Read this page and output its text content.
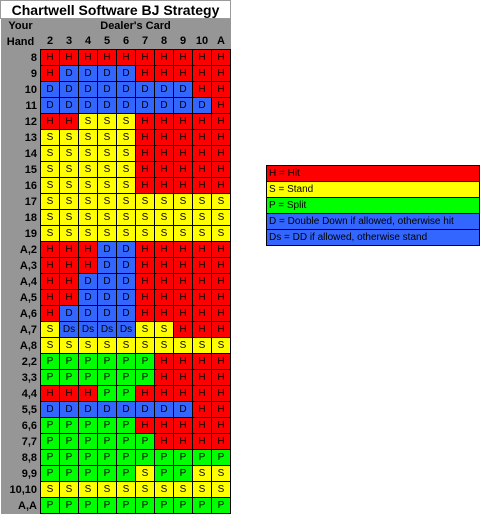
Chartwell Software BJ Strategy										
Your	Dealer's Card									
Hand	2	3	4	5	6	7	8	9	10	A
8	H	H	H	H	H	H	H	H	H	H
9	H	D	D	D	D	H	H	H	H	H
10	D	D	D	D	D	D	D	D	H	H
11	D	D	D	D	D	D	D	D	D	H
12	H	H	S	S	S	H	H	H	H	H
13	S	S	S	S	S	H	H	H	H	H
14	S	S	S	S	S	H	H	H	H	H
15	S	S	S	S	S	H	H	H	H	H
16	S	S	S	S	S	H	H	H	H	H
17	S	S	S	S	S	S	S	S	S	S
18	S	S	S	S	S	S	S	S	S	S
19	S	S	S	S	S	S	S	S	S	S
A,2	H	H	H	D	D	H	H	H	H	H
A,3	H	H	H	D	D	H	H	H	H	H
A,4	H	H	D	D	D	H	H	H	H	H
A,5	H	H	D	D	D	H	H	H	H	H
A,6	H	D	D	D	D	H	H	H	H	H
A,7	S	Ds	Ds	Ds	Ds	S	S	H	H	H
A,8	S	S	S	S	S	S	S	S	S	S
2,2	P	P	P	P	P	P	H	H	H	H
3,3	P	P	P	P	P	P	H	H	H	H
4,4	H	H	H	P	P	H	H	H	H	H
5,5	D	D	D	D	D	D	D	D	H	H
6,6	P	P	P	P	P	H	H	H	H	H
7,7	P	P	P	P	P	P	H	H	H	H
8,8	P	P	P	P	P	P	P	P	P	P
9,9	P	P	P	P	P	S	P	P	S	S
10,10	S	S	S	S	S	S	S	S	S	S
A,A	P	P	P	P	P	P	P	P	P	P
H = Hit
S = Stand
P = Split
D = Double Down if allowed, otherwise hit
Ds = DD if allowed, otherwise stand
